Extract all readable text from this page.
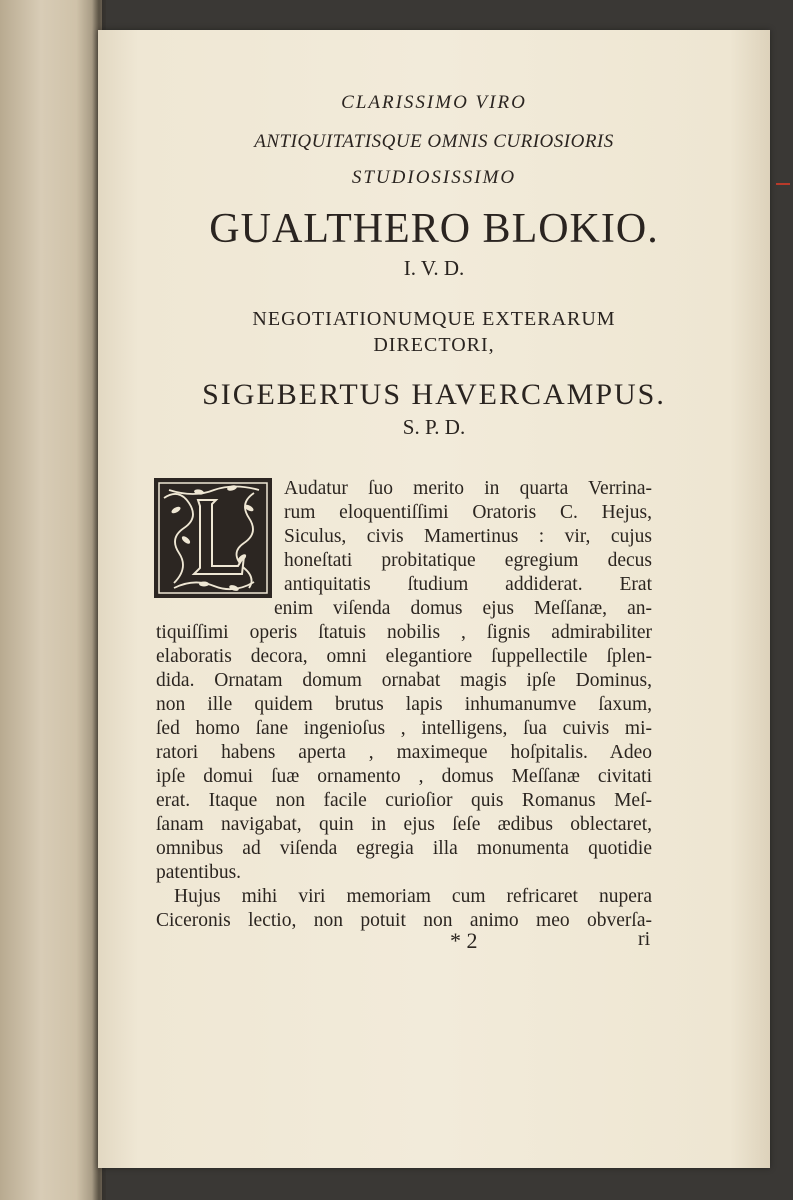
CLARISSIMO VIRO
ANTIQUITATISQUE OMNIS CURIOSIORIS
STUDIOSISSIMO
GUALTHERO BLOKIO.
I. V. D.
NEGOTIATIONUMQUE EXTERARUM
DIRECTORI,
SIGEBERTUS HAVERCAMPUS.
S. P. D.
Audatur ſuo merito in quarta Verrina-
rum eloquentiſſimi Oratoris C. Hejus,
Siculus, civis Mamertinus : vir, cujus
honeſtati probitatique egregium decus
antiquitatis ſtudium addiderat. Erat
enim viſenda domus ejus Meſſanæ, an-
tiquiſſimi operis ſtatuis nobilis , ſignis admirabiliter
elaboratis decora, omni elegantiore ſuppellectile ſplen-
dida. Ornatam domum ornabat magis ipſe Dominus,
non ille quidem brutus lapis inhumanumve ſaxum,
ſed homo ſane ingenioſus , intelligens, ſua cuivis mi-
ratori habens aperta , maximeque hoſpitalis. Adeo
ipſe domui ſuæ ornamento , domus Meſſanæ civitati
erat. Itaque non facile curioſior quis Romanus Meſ-
ſanam navigabat, quin in ejus ſeſe ædibus oblectaret,
omnibus ad viſenda egregia illa monumenta quotidie
patentibus.
Hujus mihi viri memoriam cum refricaret nupera
Ciceronis lectio, non potuit non animo meo obverſa-
* 2	ri
